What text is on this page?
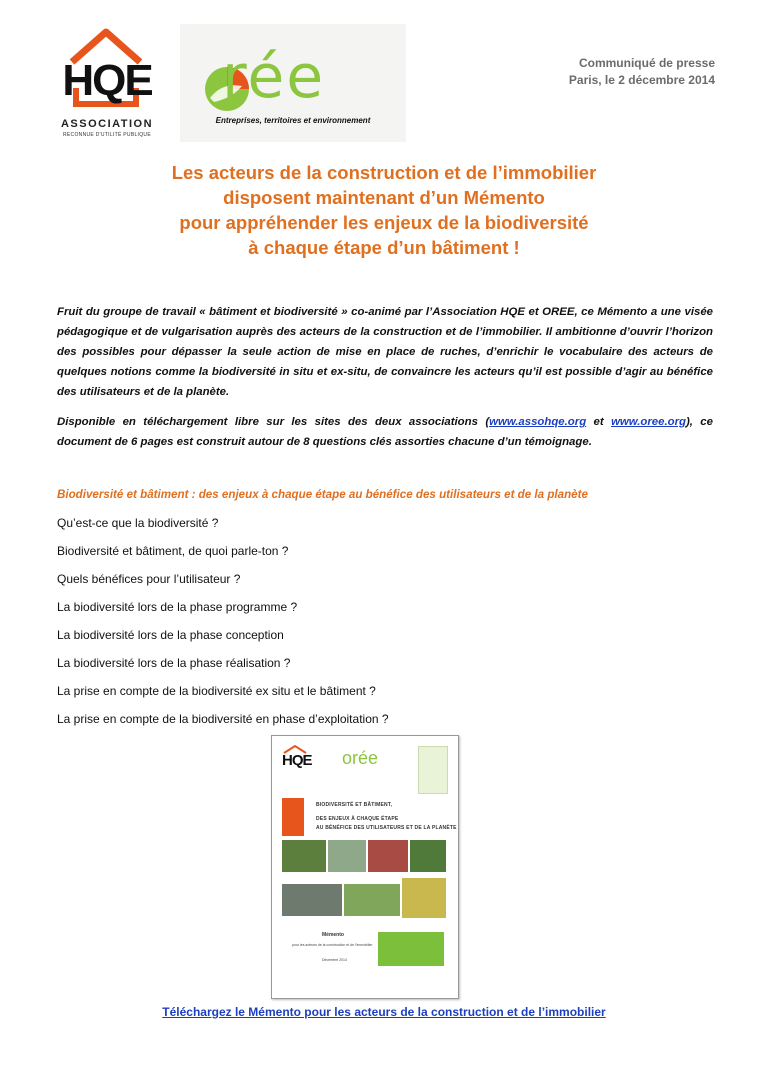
HQE
ASSOCIATION
RECONNUE D'UTILITÉ PUBLIQUE
rée
Entreprises, territoires et environnement
Communiqué de presse
Paris, le 2 décembre 2014
Les acteurs de la construction et de l’immobilier
disposent maintenant d’un Mémento
pour appréhender les enjeux de la biodiversité
à chaque étape d’un bâtiment !
Fruit du groupe de travail « bâtiment et biodiversité » co-animé par l’Association HQE et OREE, ce Mémento a une visée pédagogique et de vulgarisation auprès des acteurs de la construction et de l’immobilier. Il ambitionne d’ouvrir l’horizon des possibles pour dépasser la seule action de mise en place de ruches, d’enrichir le vocabulaire des acteurs de quelques notions comme la biodiversité in situ et ex-situ, de convaincre les acteurs qu’il est possible d’agir au bénéfice des utilisateurs et de la planète.
Disponible en téléchargement libre sur les sites des deux associations (www.assohqe.org et www.oree.org), ce document de 6 pages est construit autour de 8 questions clés assorties chacune d’un témoignage.
Biodiversité et bâtiment : des enjeux à chaque étape au bénéfice des utilisateurs et de la planète
Qu’est-ce que la biodiversité ?
Biodiversité et bâtiment, de quoi parle-ton ?
Quels bénéfices pour l’utilisateur ?
La biodiversité lors de la phase programme ?
La biodiversité lors de la phase conception
La biodiversité lors de la phase réalisation ?
La prise en compte de la biodiversité ex situ et le bâtiment ?
La prise en compte de la biodiversité en phase d’exploitation ?
HQE orée
BIODIVERSITÉ ET BÂTIMENT,
DES ENJEUX À CHAQUE ÉTAPE
AU BÉNÉFICE DES UTILISATEURS ET DE LA PLANÈTE
Mémento
pour les acteurs de la construction et de l’immobilier
Décembre 2014
Téléchargez le Mémento pour les acteurs de la construction et de l’immobilier
